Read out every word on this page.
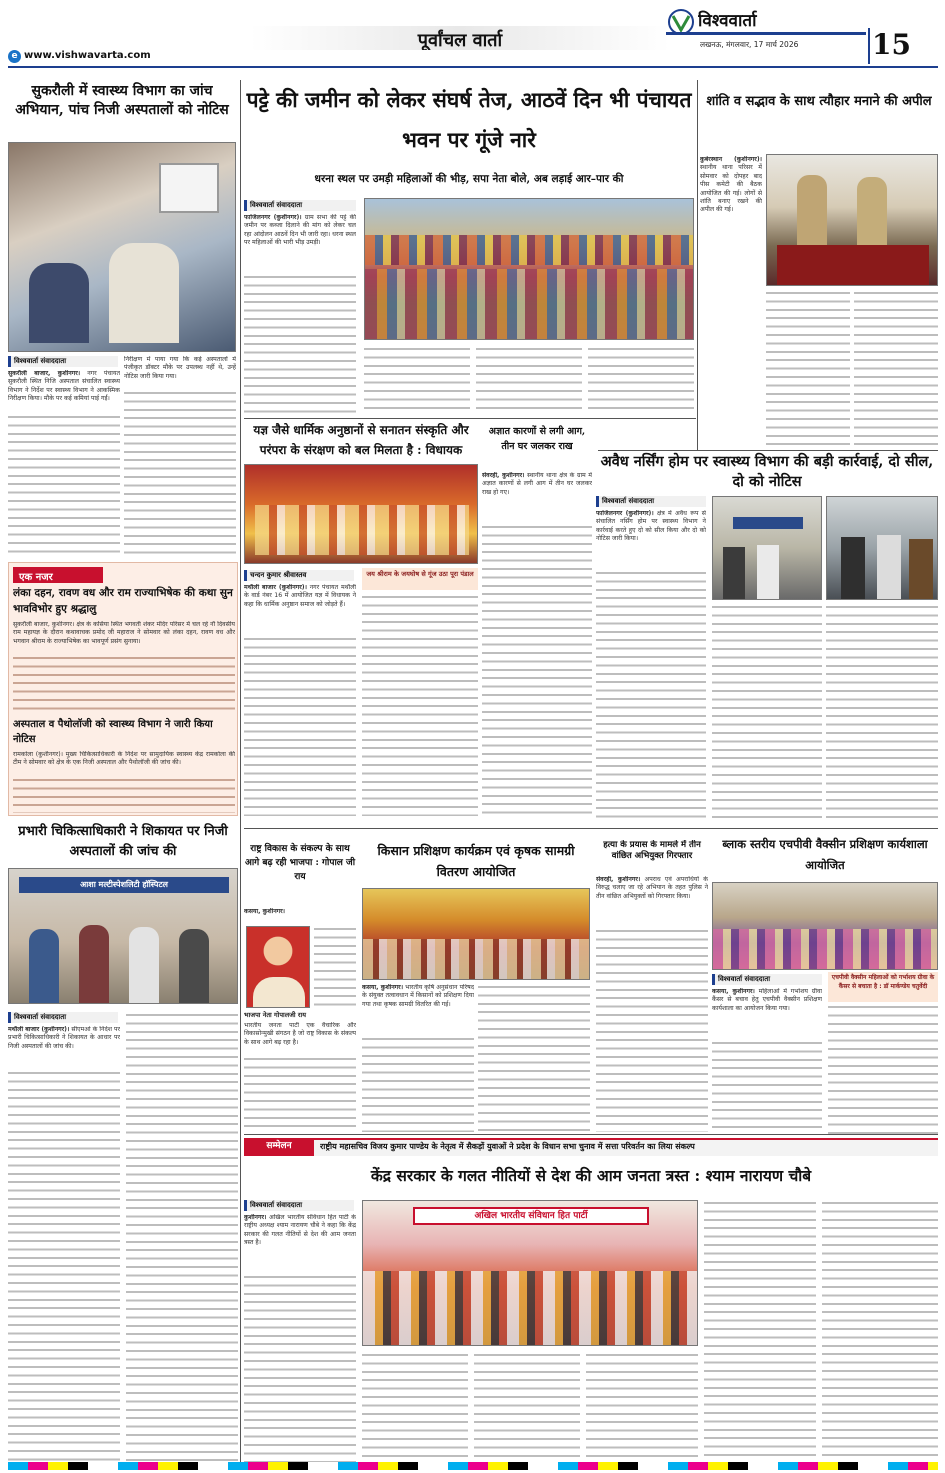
पूर्वांचल वार्ता
e www.vishwavarta.com
विश्ववार्ता
लखनऊ, मंगलवार, 17 मार्च 2026	15
सुकरौली में स्वास्थ्य विभाग का जांच अभियान, पांच निजी अस्पतालों को नोटिस
विश्ववार्ता संवाददाता
सुकरौली बाजार, कुशीनगर। नगर पंचायत सुकरौली स्थित निजि अस्पताल संचालित स्वास्थ्य विभाग ने निर्देश पर स्वास्थ्य विभाग ने आकस्मिक निरीक्षण किया। मौके पर कई कमियां पाई गईं।
निरीक्षण में पाया गया कि कई अस्पतालों में पंजीकृत डॉक्टर मौके पर उपलब्ध नहीं थे, उन्हें नोटिस जारी किया गया।
एक नजर
लंका दहन, रावण वध और राम राज्याभिषेक की कथा सुन भावविभोर हुए श्रद्धालु
सुकरौली बाजार, कुशीनगर। क्षेत्र के कसिया स्थित भगवती शंकर मंदिर परिसर में चल रहे नौ दिवसीय राम महायज्ञ के दौरान कथावाचक प्रमोद जी महाराज ने सोमवार को लंका दहन, रावण वध और भगवान श्रीराम के राज्याभिषेक का भावपूर्ण प्रसंग सुनाया।
अस्पताल व पैथोलॉजी को स्वास्थ्य विभाग ने जारी किया नोटिस
रामकोला (कुशीनगर)। मुख्य चिकित्साधिकारी के निर्देश पर सामुदायिक स्वास्थ्य केंद्र रामकोला की टीम ने सोमवार को क्षेत्र के एक निजी अस्पताल और पैथोलॉजी की जांच की।
प्रभारी चिकित्साधिकारी ने शिकायत पर निजी अस्पतालों की जांच की
आशा मल्टीस्पेशलिटी हॉस्पिटल
विश्ववार्ता संवाददाता
मथौली बाजार (कुशीनगर)। सीएमओ के निर्देश पर प्रभारी चिकित्साधिकारी ने शिकायत के आधार पर निजी अस्पतालों की जांच की।
पट्टे की जमीन को लेकर संघर्ष तेज, आठवें दिन भी पंचायत भवन पर गूंजे नारे
धरना स्थल पर उमड़ी महिलाओं की भीड़, सपा नेता बोले, अब लड़ाई आर–पार की
विश्ववार्ता संवाददाता
फाजिलनगर (कुशीनगर)। ग्राम सभा की पट्टे की जमीन पर कब्जा दिलाने की मांग को लेकर चल रहा आंदोलन आठवें दिन भी जारी रहा। धरना स्थल पर महिलाओं की भारी भीड़ उमड़ी।
यज्ञ जैसे धार्मिक अनुष्ठानों से सनातन संस्कृति और परंपरा के संरक्षण को बल मिलता है : विधायक
चन्दन कुमार श्रीवास्तव	जय श्रीराम के जयघोष से गूंज उठा पूरा पंडाल
मथौली बाजार (कुशीनगर)। नगर पंचायत मथौली के वार्ड नंबर 16 में आयोजित यज्ञ में विधायक ने कहा कि धार्मिक अनुष्ठान समाज को जोड़ते हैं।
अज्ञात कारणों से लगी आग, तीन घर जलकर राख
सेवरही, कुशीनगर। स्थानीय थाना क्षेत्र के ग्राम में अज्ञात कारणों से लगी आग में तीन घर जलकर राख हो गए।
शांति व सद्भाव के साथ त्यौहार मनाने की अपील
कुबेरस्थान (कुशीनगर)। स्थानीय थाना परिसर में सोमवार को दोपहर बाद पीस कमेटी की बैठक आयोजित की गई। लोगों से शांति बनाए रखने की अपील की गई।
अवैध नर्सिंग होम पर स्वास्थ्य विभाग की बड़ी कार्रवाई, दो सील, दो को नोटिस
विश्ववार्ता संवाददाता
फाजिलनगर (कुशीनगर)। क्षेत्र में अवैध रूप से संचालित नर्सिंग होम पर स्वास्थ्य विभाग ने कार्रवाई करते हुए दो को सील किया और दो को नोटिस जारी किया।
राष्ट्र विकास के संकल्प के साथ आगे बढ़ रही भाजपा : गोपाल जी राय
कसया, कुशीनगर।
भाजपा नेता गोपालजी राय
भारतीय जनता पार्टी एक वैचारिक और विकासोन्मुखी संगठन है जो राष्ट्र विकास के संकल्प के साथ आगे बढ़ रहा है।
किसान प्रशिक्षण कार्यक्रम एवं कृषक सामग्री वितरण आयोजित
कसया, कुशीनगर। भारतीय कृषि अनुसंधान परिषद के संयुक्त तत्वावधान में किसानों को प्रशिक्षण दिया गया तथा कृषक सामग्री वितरित की गई।
हत्या के प्रयास के मामले में तीन वांछित अभियुक्त गिरफ्तार
सेवरही, कुशीनगर। अपराध एवं अपराधियों के विरुद्ध चलाए जा रहे अभियान के तहत पुलिस ने तीन वांछित अभियुक्तों को गिरफ्तार किया।
ब्लाक स्तरीय एचपीवी वैक्सीन प्रशिक्षण कार्यशाला आयोजित
विश्ववार्ता संवाददाता	एचपीवी वैक्सीन महिलाओं को गर्भाशय ग्रीवा के कैंसर से बचाता है : डॉ मार्कण्डेय चतुर्वेदी
कसया, कुशीनगर। महिलाओं में गर्भाशय ग्रीवा कैंसर से बचाव हेतु एचपीवी वैक्सीन प्रशिक्षण कार्यशाला का आयोजन किया गया।
सम्मेलन	राष्ट्रीय महासचिव विजय कुमार पाण्डेय के नेतृत्व में सैकड़ों युवाओं ने प्रदेश के विधान सभा चुनाव में सत्ता परिवर्तन का लिया संकल्प
केंद्र सरकार के गलत नीतियों से देश की आम जनता त्रस्त : श्याम नारायण चौबे
विश्ववार्ता संवाददाता
कुशीनगर। अखिल भारतीय संविधान हित पार्टी के राष्ट्रीय अध्यक्ष श्याम नारायण चौबे ने कहा कि केंद्र सरकार की गलत नीतियों से देश की आम जनता त्रस्त है।
अखिल भारतीय संविधान हित पार्टी
